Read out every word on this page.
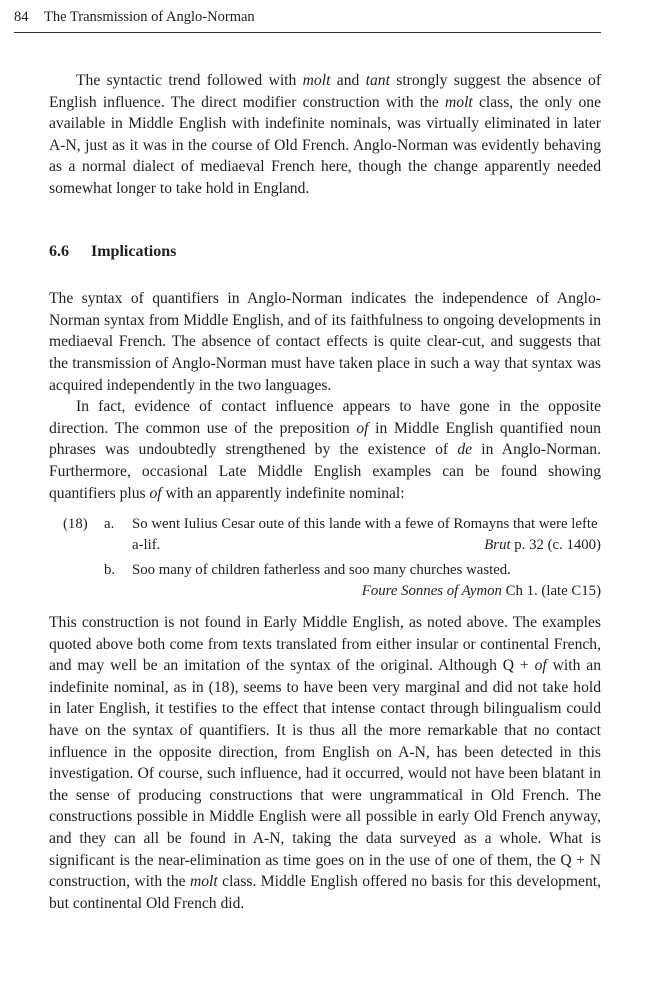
84 The Transmission of Anglo-Norman

The syntactic trend followed with molt and tant strongly suggest the absence of English influence. The direct modifier construction with the molt class, the only one available in Middle English with indefinite nominals, was virtually eliminated in later A-N, just as it was in the course of Old French. Anglo-Norman was evidently behaving as a normal dialect of mediaeval French here, though the change apparently needed somewhat longer to take hold in England.

6.6 Implications

The syntax of quantifiers in Anglo-Norman indicates the independence of Anglo-Norman syntax from Middle English, and of its faithfulness to ongoing developments in mediaeval French. The absence of contact effects is quite clear-cut, and suggests that the transmission of Anglo-Norman must have taken place in such a way that syntax was acquired independently in the two languages.

In fact, evidence of contact influence appears to have gone in the opposite direction. The common use of the preposition of in Middle English quantified noun phrases was undoubtedly strengthened by the existence of de in Anglo-Norman. Furthermore, occasional Late Middle English examples can be found showing quantifiers plus of with an apparently indefinite nominal:

(18) a. So went Iulius Cesar oute of this lande with a fewe of Romayns that were lefte a-lif.	Brut p. 32 (c. 1400)
b. Soo many of children fatherless and soo many churches wasted.
Foure Sonnes of Aymon Ch 1. (late C15)

This construction is not found in Early Middle English, as noted above. The examples quoted above both come from texts translated from either insular or continental French, and may well be an imitation of the syntax of the original. Although Q + of with an indefinite nominal, as in (18), seems to have been very marginal and did not take hold in later English, it testifies to the effect that intense contact through bilingualism could have on the syntax of quantifiers. It is thus all the more remarkable that no contact influence in the opposite direction, from English on A-N, has been detected in this investigation. Of course, such influence, had it occurred, would not have been blatant in the sense of producing constructions that were ungrammatical in Old French. The constructions possible in Middle English were all possible in early Old French anyway, and they can all be found in A-N, taking the data surveyed as a whole. What is significant is the near-elimination as time goes on in the use of one of them, the Q + N construction, with the molt class. Middle English offered no basis for this development, but continental Old French did.
